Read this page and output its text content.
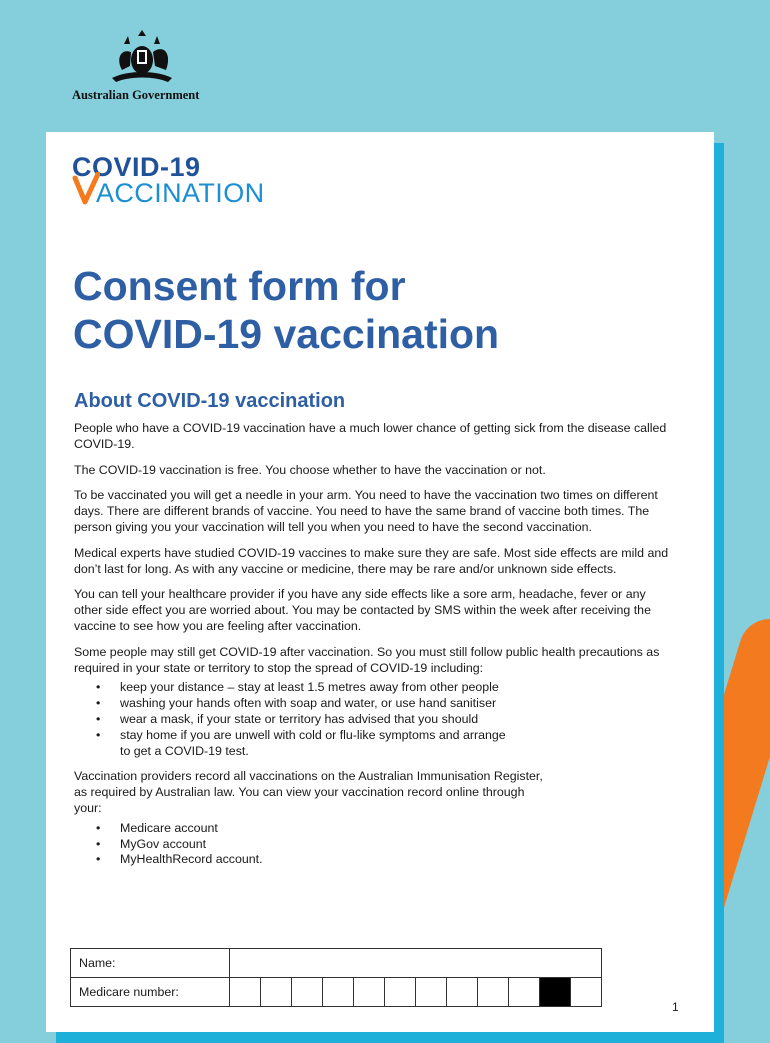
Australian Government
COVID-19
ACCINATION
Consent form for
COVID-19 vaccination
About COVID-19 vaccination

People who have a COVID-19 vaccination have a much lower chance of getting sick from the disease called COVID-19.

The COVID-19 vaccination is free. You choose whether to have the vaccination or not.

To be vaccinated you will get a needle in your arm. You need to have the vaccination two times on different days. There are different brands of vaccine. You need to have the same brand of vaccine both times. The person giving you your vaccination will tell you when you need to have the second vaccination.

Medical experts have studied COVID-19 vaccines to make sure they are safe. Most side effects are mild and don’t last for long. As with any vaccine or medicine, there may be rare and/or unknown side effects.

You can tell your healthcare provider if you have any side effects like a sore arm, headache, fever or any other side effect you are worried about. You may be contacted by SMS within the week after receiving the vaccine to see how you are feeling after vaccination.

Some people may still get COVID-19 after vaccination. So you must still follow public health precautions as required in your state or territory to stop the spread of COVID-19 including:

• keep your distance – stay at least 1.5 metres away from other people
• washing your hands often with soap and water, or use hand sanitiser
• wear a mask, if your state or territory has advised that you should
• stay home if you are unwell with cold or flu-like symptoms and arrange to get a COVID-19 test.

Vaccination providers record all vaccinations on the Australian Immunisation Register, as required by Australian law. You can view your vaccination record online through your:

• Medicare account
• MyGov account
• MyHealthRecord account.
Name:												
Medicare number:												
1
